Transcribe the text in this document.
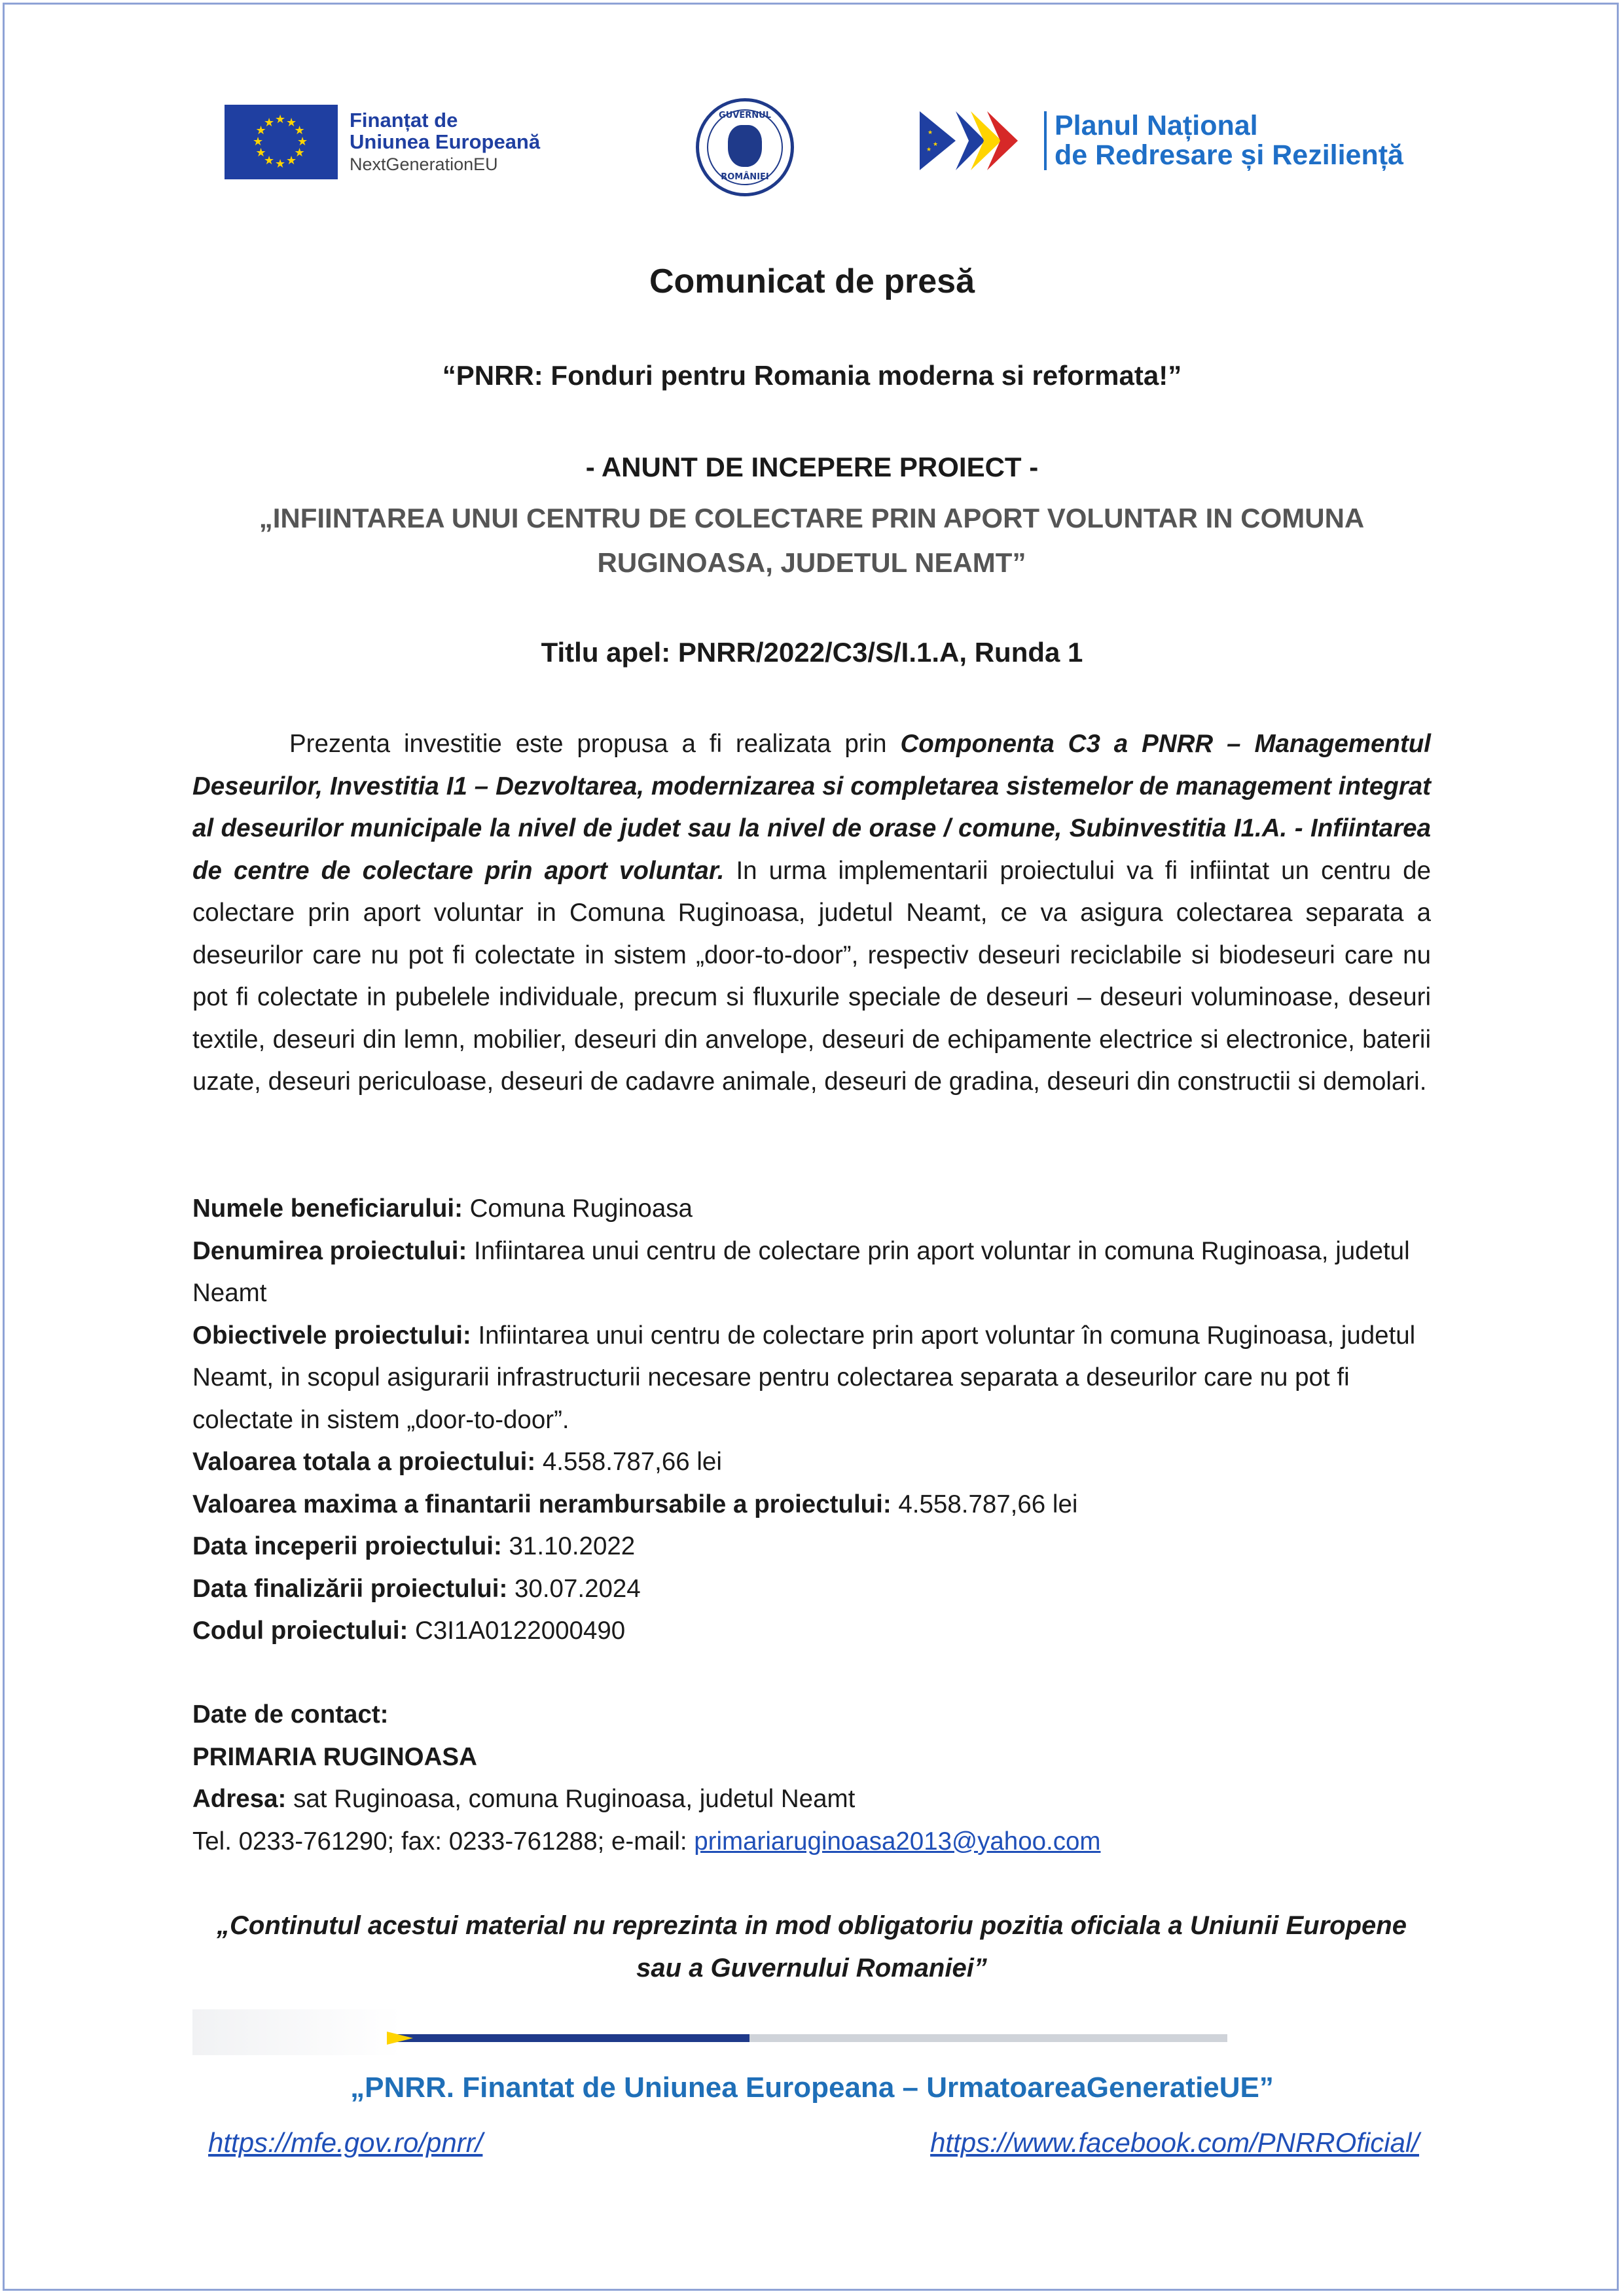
★ ★
★
★
★
★
★
★
★
★
★
★	Finanțat de
Uniunea Europeană
NextGenerationEU
GUVERNUL
ROMÂNIEI
★
★
★
Planul Național
de Redresare și Reziliență
Comunicat de presă
“PNRR: Fonduri pentru Romania moderna si reformata!”
- ANUNT DE INCEPERE PROIECT -
„INFIINTAREA UNUI CENTRU DE COLECTARE PRIN APORT VOLUNTAR IN COMUNA RUGINOASA, JUDETUL NEAMT”
Titlu apel: PNRR/2022/C3/S/I.1.A, Runda 1
Prezenta investitie este propusa a fi realizata prin Componenta C3 a PNRR – Managementul Deseurilor, Investitia I1 – Dezvoltarea, modernizarea si completarea sistemelor de management integrat al deseurilor municipale la nivel de judet sau la nivel de orase / comune, Subinvestitia I1.A. - Infiintarea de centre de colectare prin aport voluntar. In urma implementarii proiectului va fi infiintat un centru de colectare prin aport voluntar in Comuna Ruginoasa, judetul Neamt, ce va asigura colectarea separata a deseurilor care nu pot fi colectate in sistem „door-to-door”, respectiv deseuri reciclabile si biodeseuri care nu pot fi colectate in pubelele individuale, precum si fluxurile speciale de deseuri – deseuri voluminoase, deseuri textile, deseuri din lemn, mobilier, deseuri din anvelope, deseuri de echipamente electrice si electronice, baterii uzate, deseuri periculoase, deseuri de cadavre animale, deseuri de gradina, deseuri din constructii si demolari.
Numele beneficiarului: Comuna Ruginoasa
Denumirea proiectului: Infiintarea unui centru de colectare prin aport voluntar in comuna Ruginoasa, judetul Neamt
Obiectivele proiectului: Infiintarea unui centru de colectare prin aport voluntar în comuna Ruginoasa, judetul Neamt, in scopul asigurarii infrastructurii necesare pentru colectarea separata a deseurilor care nu pot fi colectate in sistem „door-to-door”.
Valoarea totala a proiectului: 4.558.787,66 lei
Valoarea maxima a finantarii nerambursabile a proiectului: 4.558.787,66 lei
Data inceperii proiectului: 31.10.2022
Data finalizării proiectului: 30.07.2024
Codul proiectului: C3I1A0122000490
Date de contact:
PRIMARIA RUGINOASA
Adresa: sat Ruginoasa, comuna Ruginoasa, judetul Neamt
Tel. 0233-761290; fax: 0233-761288; e-mail: primariaruginoasa2013@yahoo.com
„Continutul acestui material nu reprezinta in mod obligatoriu pozitia oficiala a Uniunii Europene sau a Guvernului Romaniei”
„PNRR. Finantat de Uniunea Europeana – UrmatoareaGeneratieUE”
https://mfe.gov.ro/pnrr/	https://www.facebook.com/PNRROficial/
